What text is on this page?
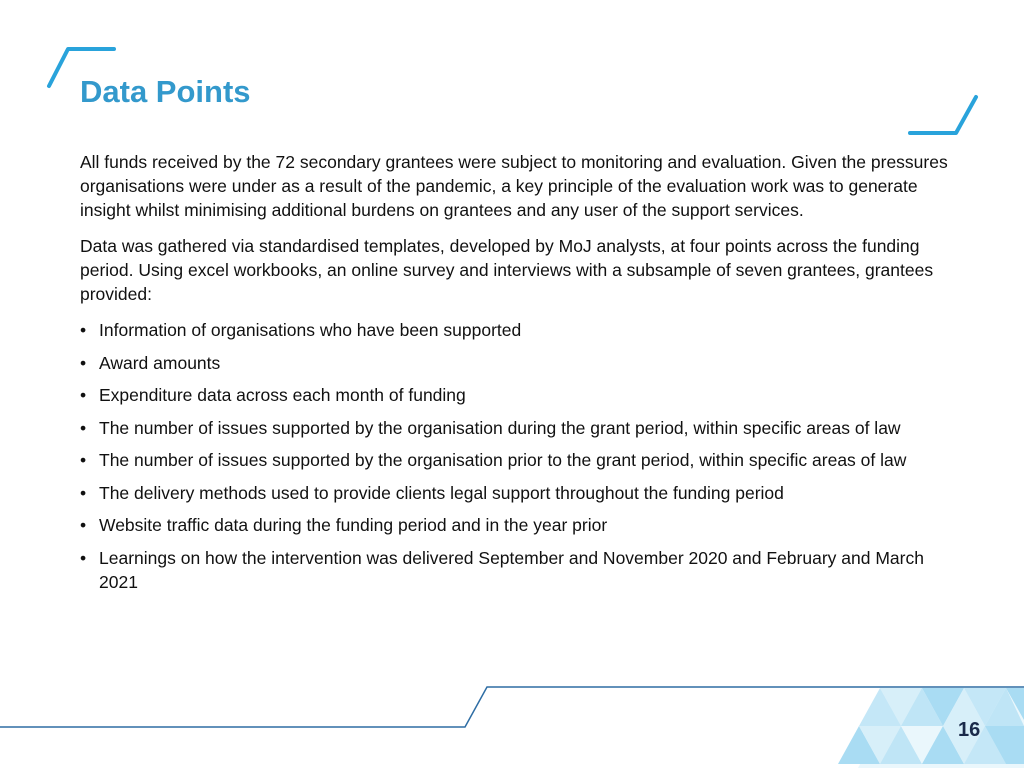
Data Points

All funds received by the 72 secondary grantees were subject to monitoring and evaluation. Given the pressures organisations were under as a result of the pandemic, a key principle of the evaluation work was to generate insight whilst minimising additional burdens on grantees and any user of the support services.

Data was gathered via standardised templates, developed by MoJ analysts, at four points across the funding period. Using excel workbooks, an online survey and interviews with a subsample of seven grantees, grantees provided:

• Information of organisations who have been supported
• Award amounts
• Expenditure data across each month of funding
• The number of issues supported by the organisation during the grant period, within specific areas of law
• The number of issues supported by the organisation prior to the grant period, within specific areas of law
• The delivery methods used to provide clients legal support throughout the funding period
• Website traffic data during the funding period and in the year prior
• Learnings on how the intervention was delivered September and November 2020 and February and March 2021
16
